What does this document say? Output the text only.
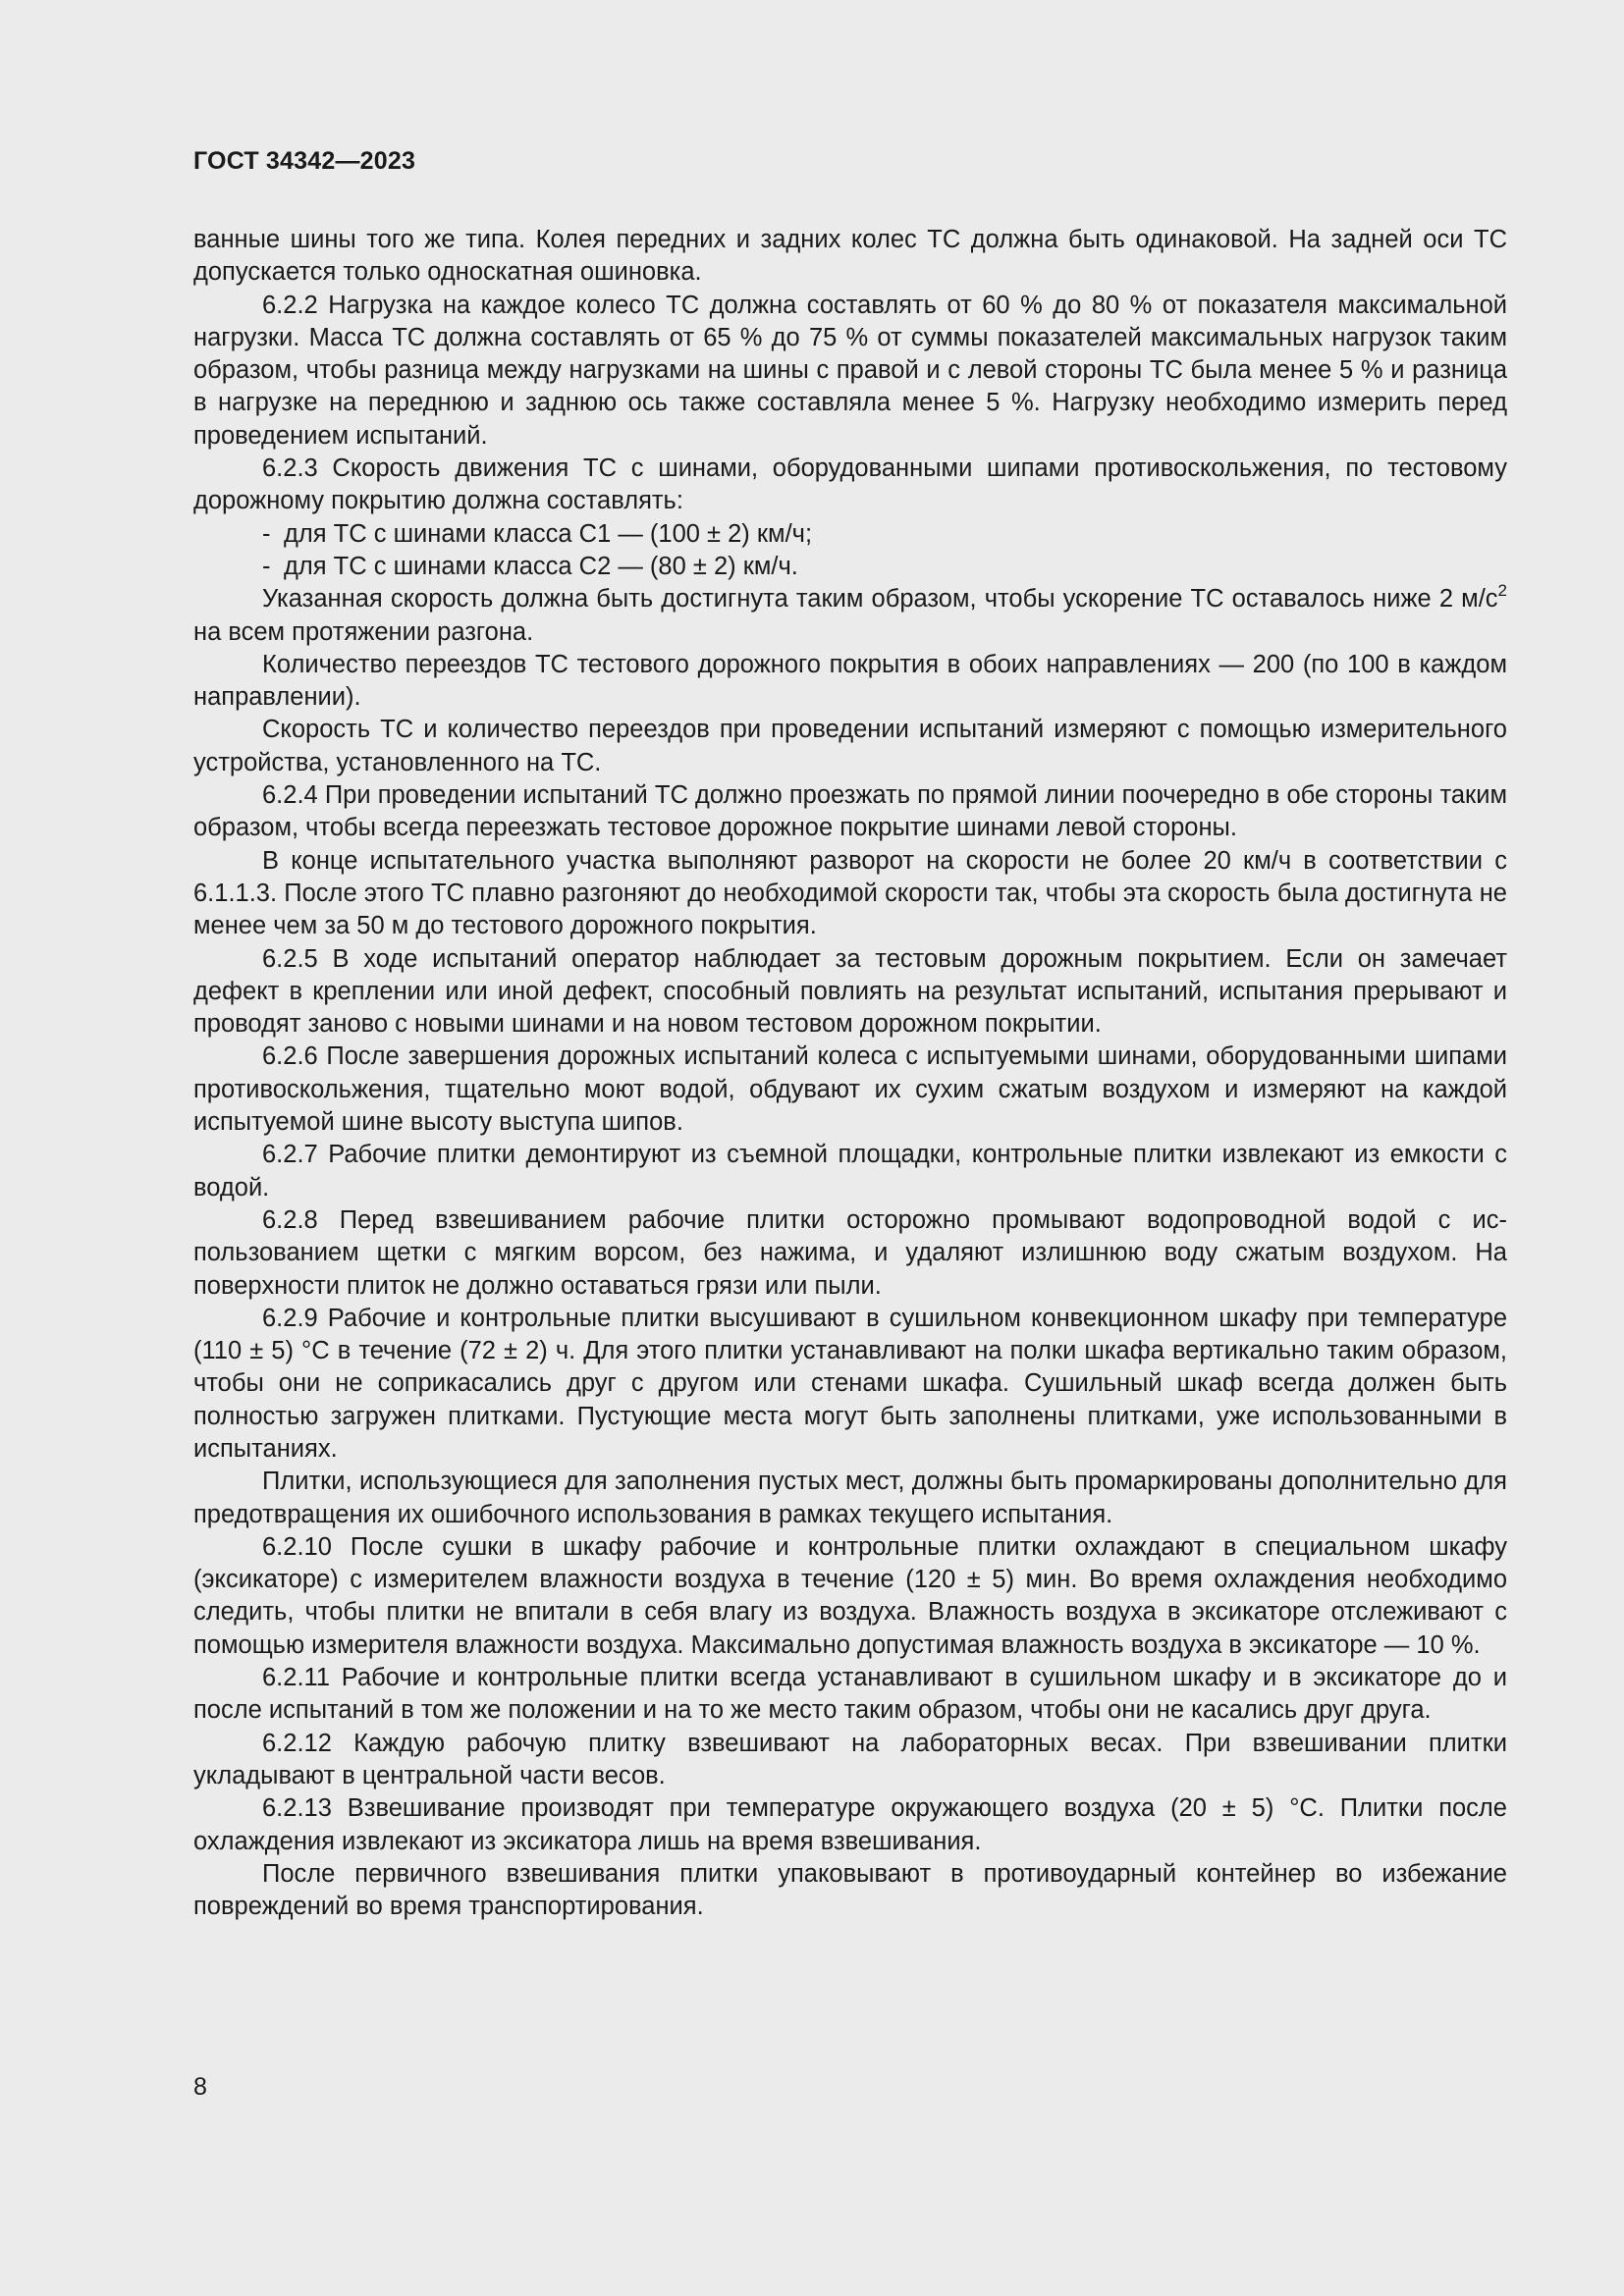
ГОСТ 34342—2023

ванные шины того же типа. Колея передних и задних колес ТС должна быть одинаковой. На задней оси ТС допускается только односкатная ошиновка.

6.2.2 Нагрузка на каждое колесо ТС должна составлять от 60 % до 80 % от показателя максимальной нагрузки. Масса ТС должна составлять от 65 % до 75 % от суммы показателей максимальных нагрузок таким образом, чтобы разница между нагрузками на шины с правой и с левой стороны ТС была менее 5 % и разница в нагрузке на переднюю и заднюю ось также составляла менее 5 %. Нагрузку необходимо измерить перед проведением испытаний.

6.2.3 Скорость движения ТС с шинами, оборудованными шипами противоскольжения, по тестовому дорожному покрытию должна составлять:

- для ТС с шинами класса С1 — (100 ± 2) км/ч;

- для ТС с шинами класса С2 — (80 ± 2) км/ч.

Указанная скорость должна быть достигнута таким образом, чтобы ускорение ТС оставалось ниже 2 $м/с^2$ на всем протяжении разгона.

Количество переездов ТС тестового дорожного покрытия в обоих направлениях — 200 (по 100 в каждом направлении).

Скорость ТС и количество переездов при проведении испытаний измеряют с помощью измерительного устройства, установленного на ТС.

6.2.4 При проведении испытаний ТС должно проезжать по прямой линии поочередно в обе стороны таким образом, чтобы всегда переезжать тестовое дорожное покрытие шинами левой стороны.

В конце испытательного участка выполняют разворот на скорости не более 20 км/ч в соответствии с 6.1.1.3. После этого ТС плавно разгоняют до необходимой скорости так, чтобы эта скорость была достигнута не менее чем за 50 м до тестового дорожного покрытия.

6.2.5 В ходе испытаний оператор наблюдает за тестовым дорожным покрытием. Если он замечает дефект в креплении или иной дефект, способный повлиять на результат испытаний, испытания прерывают и проводят заново с новыми шинами и на новом тестовом дорожном покрытии.

6.2.6 После завершения дорожных испытаний колеса с испытуемыми шинами, оборудованными шипами противоскольжения, тщательно моют водой, обдувают их сухим сжатым воздухом и измеряют на каждой испытуемой шине высоту выступа шипов.

6.2.7 Рабочие плитки демонтируют из съемной площадки, контрольные плитки извлекают из емкости с водой.

6.2.8 Перед взвешиванием рабочие плитки осторожно промывают водопроводной водой с использованием щетки с мягким ворсом, без нажима, и удаляют излишнюю воду сжатым воздухом. На поверхности плиток не должно оставаться грязи или пыли.

6.2.9 Рабочие и контрольные плитки высушивают в сушильном конвекционном шкафу при температуре (110 ± 5) °С в течение (72 ± 2) ч. Для этого плитки устанавливают на полки шкафа вертикально таким образом, чтобы они не соприкасались друг с другом или стенами шкафа. Сушильный шкаф всегда должен быть полностью загружен плитками. Пустующие места могут быть заполнены плитками, уже использованными в испытаниях.

Плитки, использующиеся для заполнения пустых мест, должны быть промаркированы дополнительно для предотвращения их ошибочного использования в рамках текущего испытания.

6.2.10 После сушки в шкафу рабочие и контрольные плитки охлаждают в специальном шкафу (эксикаторе) с измерителем влажности воздуха в течение (120 ± 5) мин. Во время охлаждения необходимо следить, чтобы плитки не впитали в себя влагу из воздуха. Влажность воздуха в эксикаторе отслеживают с помощью измерителя влажности воздуха. Максимально допустимая влажность воздуха в эксикаторе — 10 %.

6.2.11 Рабочие и контрольные плитки всегда устанавливают в сушильном шкафу и в эксикаторе до и после испытаний в том же положении и на то же место таким образом, чтобы они не касались друг друга.

6.2.12 Каждую рабочую плитку взвешивают на лабораторных весах. При взвешивании плитки укладывают в центральной части весов.

6.2.13 Взвешивание производят при температуре окружающего воздуха (20 ± 5) °С. Плитки после охлаждения извлекают из эксикатора лишь на время взвешивания.

После первичного взвешивания плитки упаковывают в противоударный контейнер во избежание повреждений во время транспортирования.

8
